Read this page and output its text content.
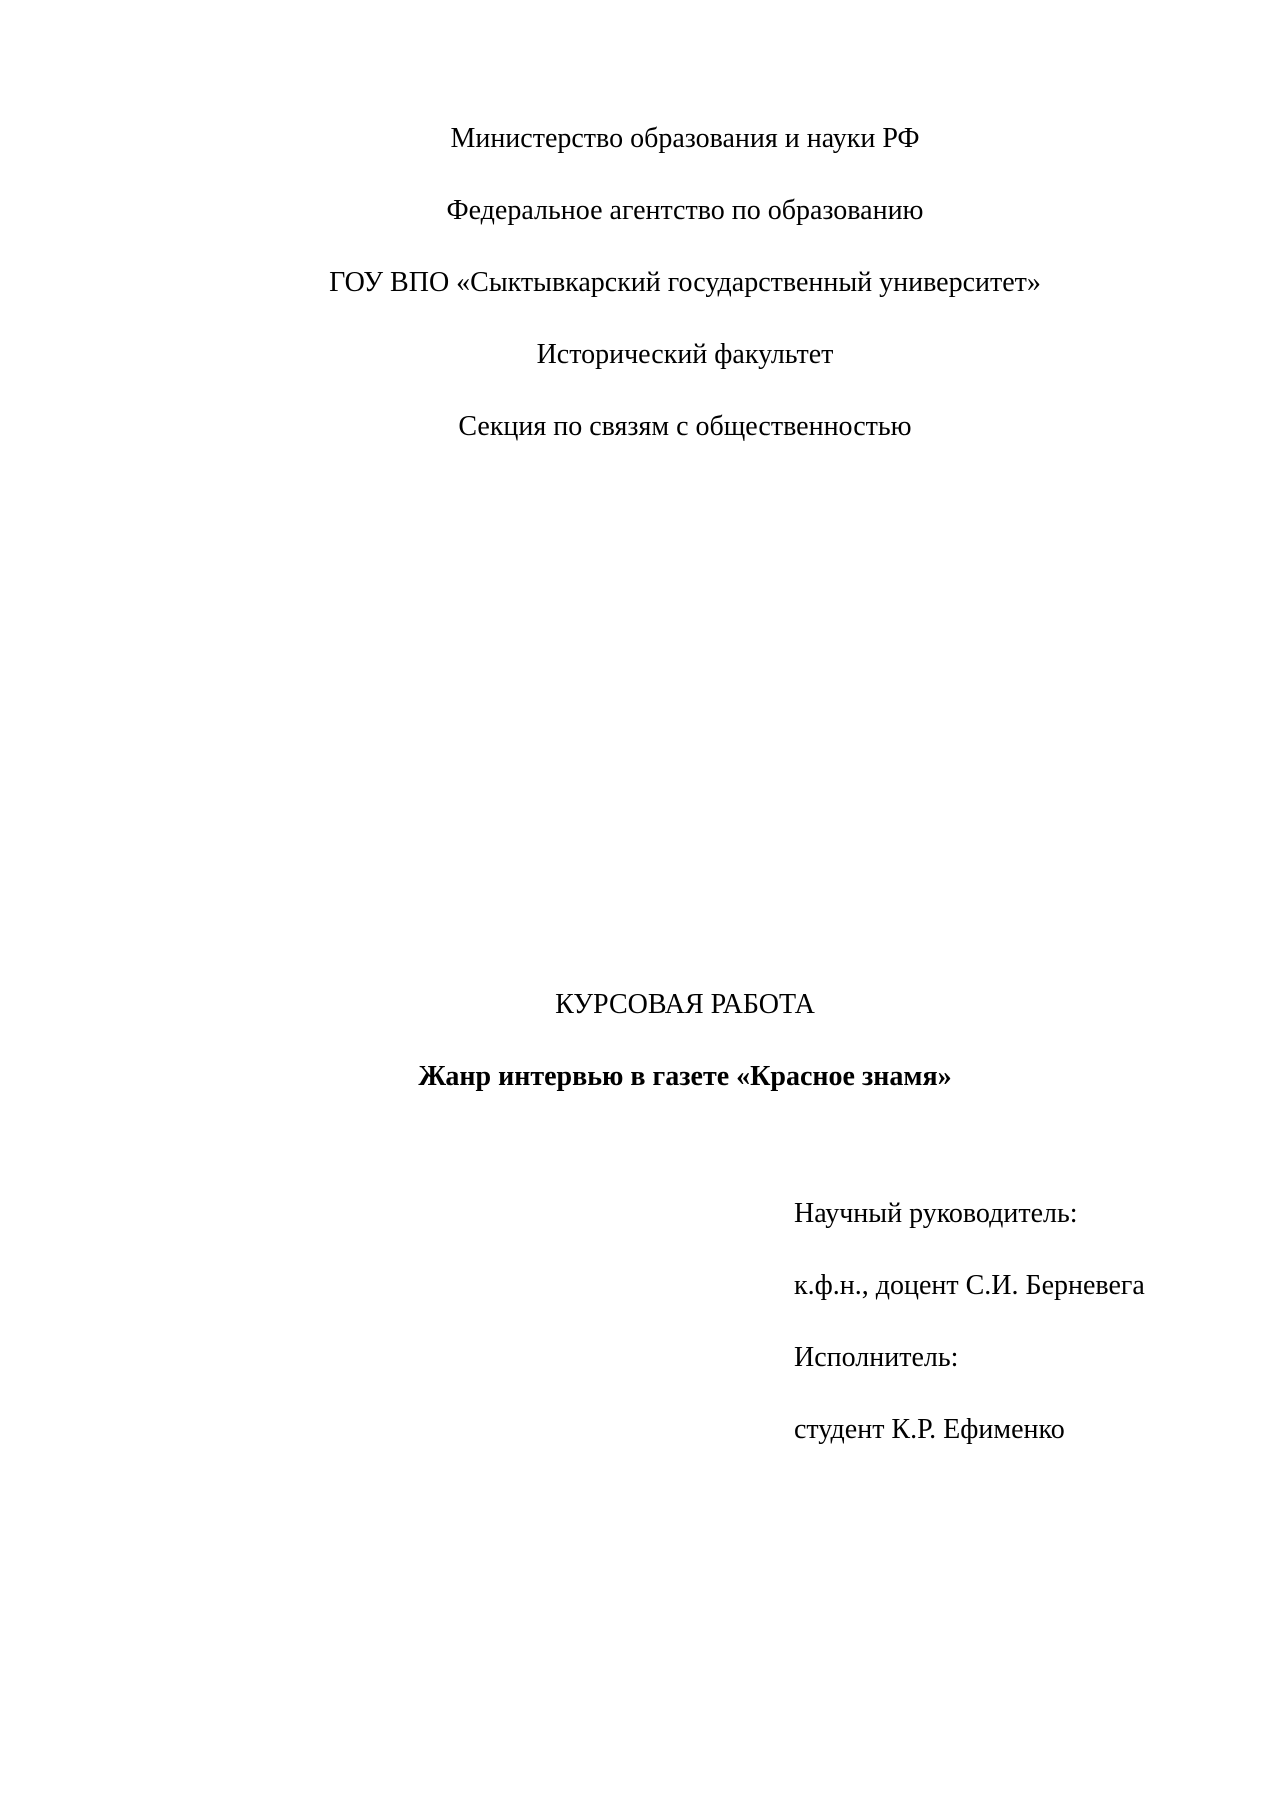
Министерство образования и науки РФ
Федеральное агентство по образованию
ГОУ ВПО «Сыктывкарский государственный университет»
Исторический факультет
Секция по связям с общественностью
КУРСОВАЯ РАБОТА
Жанр интервью в газете «Красное знамя»
Научный руководитель:
к.ф.н., доцент С.И. Берневега
Исполнитель:
студент К.Р. Ефименко
